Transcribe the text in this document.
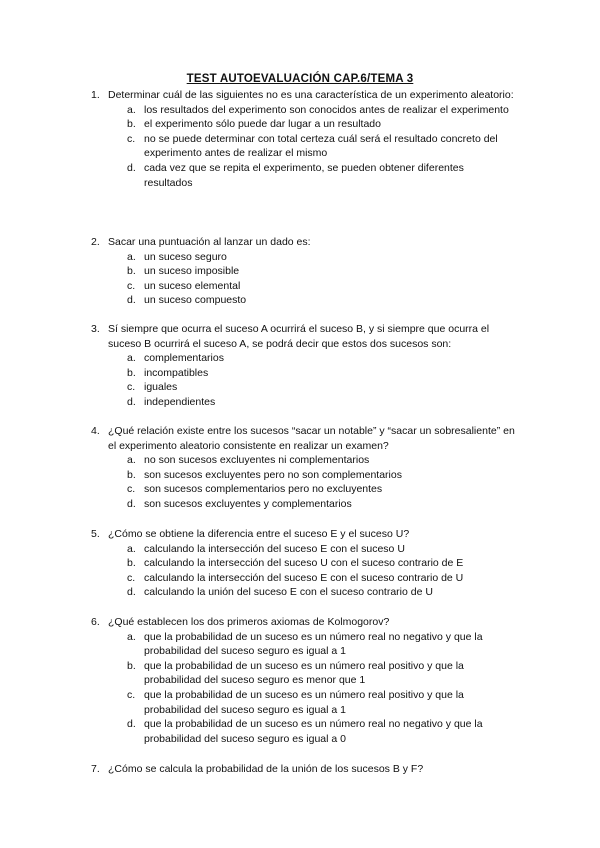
TEST AUTOEVALUACIÓN CAP.6/TEMA 3
1. Determinar cuál de las siguientes no es una característica de un experimento aleatorio:
a. los resultados del experimento son conocidos antes de realizar el experimento
b. el experimento sólo puede dar lugar a un resultado
c. no se puede determinar con total certeza cuál será el resultado concreto del experimento antes de realizar el mismo
d. cada vez que se repita el experimento, se pueden obtener diferentes resultados
2. Sacar una puntuación al lanzar un dado es:
a. un suceso seguro
b. un suceso imposible
c. un suceso elemental
d. un suceso compuesto
3. Sí siempre que ocurra el suceso A ocurrirá el suceso B, y si siempre que ocurra el suceso B ocurrirá el suceso A, se podrá decir que estos dos sucesos son:
a. complementarios
b. incompatibles
c. iguales
d. independientes
4. ¿Qué relación existe entre los sucesos “sacar un notable” y “sacar un sobresaliente” en el experimento aleatorio consistente en realizar un examen?
a. no son sucesos excluyentes ni complementarios
b. son sucesos excluyentes pero no son complementarios
c. son sucesos complementarios pero no excluyentes
d. son sucesos excluyentes y complementarios
5. ¿Cómo se obtiene la diferencia entre el suceso E y el suceso U?
a. calculando la intersección del suceso E con el suceso U
b. calculando la intersección del suceso U con el suceso contrario de E
c. calculando la intersección del suceso E con el suceso contrario de U
d. calculando la unión del suceso E con el suceso contrario de U
6. ¿Qué establecen los dos primeros axiomas de Kolmogorov?
a. que la probabilidad de un suceso es un número real no negativo y que la probabilidad del suceso seguro es igual a 1
b. que la probabilidad de un suceso es un número real positivo y que la probabilidad del suceso seguro es menor que 1
c. que la probabilidad de un suceso es un número real positivo y que la probabilidad del suceso seguro es igual a 1
d. que la probabilidad de un suceso es un número real no negativo y que la probabilidad del suceso seguro es igual a 0
7. ¿Cómo se calcula la probabilidad de la unión de los sucesos B y F?
